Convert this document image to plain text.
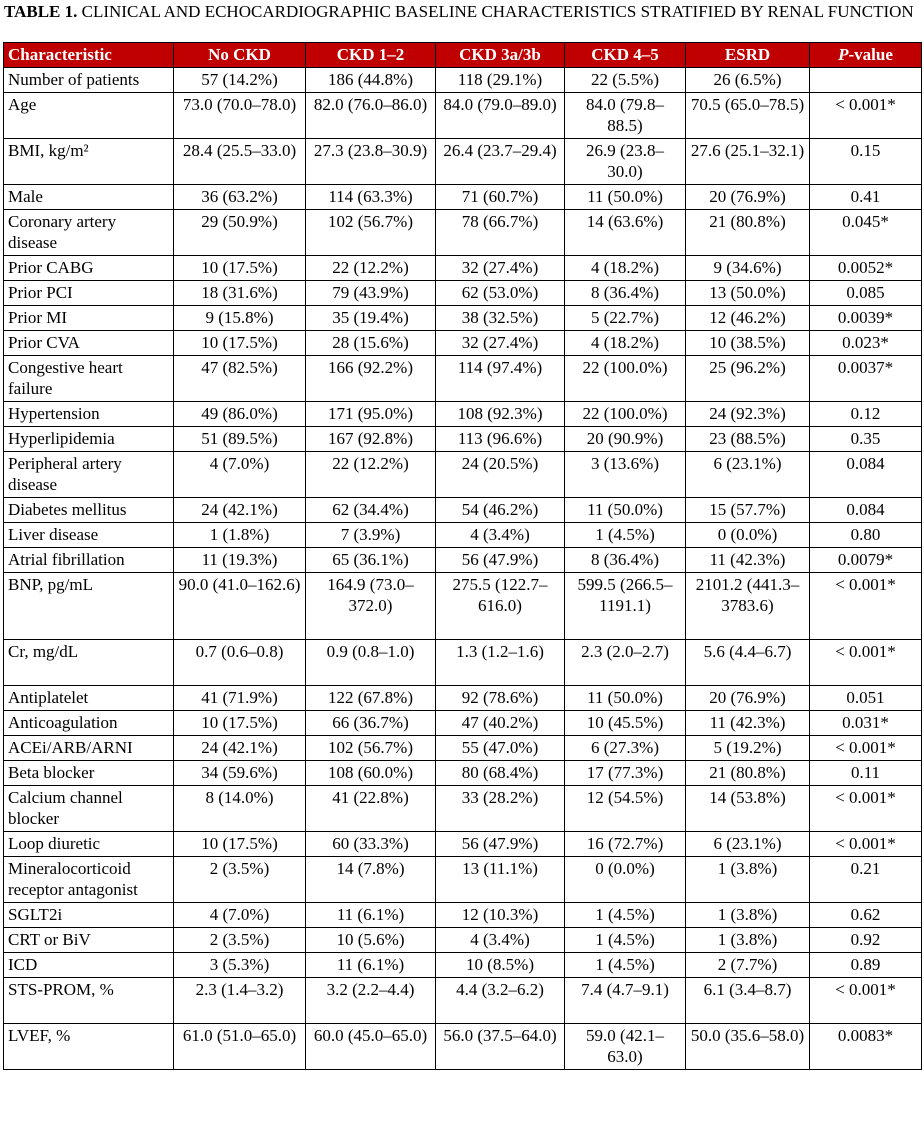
TABLE 1. CLINICAL AND ECHOCARDIOGRAPHIC BASELINE CHARACTERISTICS STRATIFIED BY RENAL FUNCTION
Characteristic	No CKD	CKD 1–2	CKD 3a/3b	CKD 4–5	ESRD	P-value
Number of patients	57 (14.2%)	186 (44.8%)	118 (29.1%)	22 (5.5%)	26 (6.5%)	
Age	73.0 (70.0–78.0)	82.0 (76.0–86.0)	84.0 (79.0–89.0)	84.0 (79.8–88.5)	70.5 (65.0–78.5)	< 0.001*
BMI, kg/m²	28.4 (25.5–33.0)	27.3 (23.8–30.9)	26.4 (23.7–29.4)	26.9 (23.8–30.0)	27.6 (25.1–32.1)	0.15
Male	36 (63.2%)	114 (63.3%)	71 (60.7%)	11 (50.0%)	20 (76.9%)	0.41
Coronary artery disease	29 (50.9%)	102 (56.7%)	78 (66.7%)	14 (63.6%)	21 (80.8%)	0.045*
Prior CABG	10 (17.5%)	22 (12.2%)	32 (27.4%)	4 (18.2%)	9 (34.6%)	0.0052*
Prior PCI	18 (31.6%)	79 (43.9%)	62 (53.0%)	8 (36.4%)	13 (50.0%)	0.085
Prior MI	9 (15.8%)	35 (19.4%)	38 (32.5%)	5 (22.7%)	12 (46.2%)	0.0039*
Prior CVA	10 (17.5%)	28 (15.6%)	32 (27.4%)	4 (18.2%)	10 (38.5%)	0.023*
Congestive heart failure	47 (82.5%)	166 (92.2%)	114 (97.4%)	22 (100.0%)	25 (96.2%)	0.0037*
Hypertension	49 (86.0%)	171 (95.0%)	108 (92.3%)	22 (100.0%)	24 (92.3%)	0.12
Hyperlipidemia	51 (89.5%)	167 (92.8%)	113 (96.6%)	20 (90.9%)	23 (88.5%)	0.35
Peripheral artery disease	4 (7.0%)	22 (12.2%)	24 (20.5%)	3 (13.6%)	6 (23.1%)	0.084
Diabetes mellitus	24 (42.1%)	62 (34.4%)	54 (46.2%)	11 (50.0%)	15 (57.7%)	0.084
Liver disease	1 (1.8%)	7 (3.9%)	4 (3.4%)	1 (4.5%)	0 (0.0%)	0.80
Atrial fibrillation	11 (19.3%)	65 (36.1%)	56 (47.9%)	8 (36.4%)	11 (42.3%)	0.0079*
BNP, pg/mL	90.0 (41.0–162.6)	164.9 (73.0–372.0)	275.5 (122.7–616.0)	599.5 (266.5–1191.1)	2101.2 (441.3–3783.6)	< 0.001*
Cr, mg/dL	0.7 (0.6–0.8)	0.9 (0.8–1.0)	1.3 (1.2–1.6)	2.3 (2.0–2.7)	5.6 (4.4–6.7)	< 0.001*
Antiplatelet	41 (71.9%)	122 (67.8%)	92 (78.6%)	11 (50.0%)	20 (76.9%)	0.051
Anticoagulation	10 (17.5%)	66 (36.7%)	47 (40.2%)	10 (45.5%)	11 (42.3%)	0.031*
ACEi/ARB/ARNI	24 (42.1%)	102 (56.7%)	55 (47.0%)	6 (27.3%)	5 (19.2%)	< 0.001*
Beta blocker	34 (59.6%)	108 (60.0%)	80 (68.4%)	17 (77.3%)	21 (80.8%)	0.11
Calcium channel blocker	8 (14.0%)	41 (22.8%)	33 (28.2%)	12 (54.5%)	14 (53.8%)	< 0.001*
Loop diuretic	10 (17.5%)	60 (33.3%)	56 (47.9%)	16 (72.7%)	6 (23.1%)	< 0.001*
Mineralocorticoid receptor antagonist	2 (3.5%)	14 (7.8%)	13 (11.1%)	0 (0.0%)	1 (3.8%)	0.21
SGLT2i	4 (7.0%)	11 (6.1%)	12 (10.3%)	1 (4.5%)	1 (3.8%)	0.62
CRT or BiV	2 (3.5%)	10 (5.6%)	4 (3.4%)	1 (4.5%)	1 (3.8%)	0.92
ICD	3 (5.3%)	11 (6.1%)	10 (8.5%)	1 (4.5%)	2 (7.7%)	0.89
STS-PROM, %	2.3 (1.4–3.2)	3.2 (2.2–4.4)	4.4 (3.2–6.2)	7.4 (4.7–9.1)	6.1 (3.4–8.7)	< 0.001*
LVEF, %	61.0 (51.0–65.0)	60.0 (45.0–65.0)	56.0 (37.5–64.0)	59.0 (42.1–63.0)	50.0 (35.6–58.0)	0.0083*
